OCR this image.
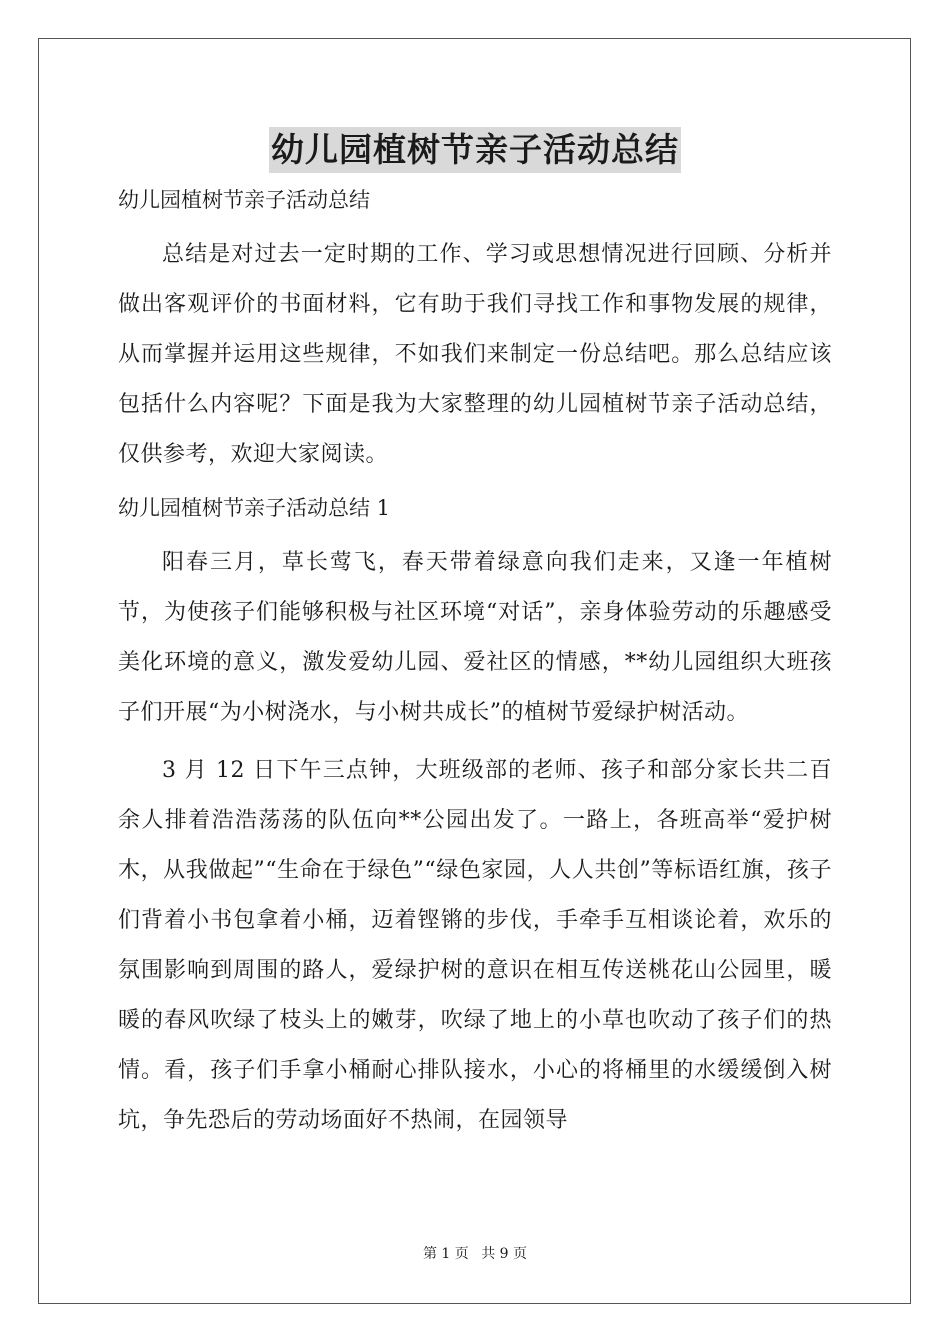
幼儿园植树节亲子活动总结

幼儿园植树节亲子活动总结

总结是对过去一定时期的工作、学习或思想情况进行回顾、分析并做出客观评价的书面材料，它有助于我们寻找工作和事物发展的规律，从而掌握并运用这些规律，不如我们来制定一份总结吧。那么总结应该包括什么内容呢？下面是我为大家整理的幼儿园植树节亲子活动总结，仅供参考，欢迎大家阅读。

幼儿园植树节亲子活动总结 1

阳春三月，草长莺飞，春天带着绿意向我们走来，又逢一年植树节，为使孩子们能够积极与社区环境“对话”，亲身体验劳动的乐趣感受美化环境的意义，激发爱幼儿园、爱社区的情感，**幼儿园组织大班孩子们开展“为小树浇水，与小树共成长”的植树节爱绿护树活动。

3 月 12 日下午三点钟，大班级部的老师、孩子和部分家长共二百余人排着浩浩荡荡的队伍向**公园出发了。一路上，各班高举“爱护树木，从我做起”“生命在于绿色”“绿色家园，人人共创”等标语红旗，孩子们背着小书包拿着小桶，迈着铿锵的步伐，手牵手互相谈论着，欢乐的氛围影响到周围的路人，爱绿护树的意识在相互传送桃花山公园里，暖暖的春风吹绿了枝头上的嫩芽，吹绿了地上的小草也吹动了孩子们的热情。看，孩子们手拿小桶耐心排队接水，小心的将桶里的水缓缓倒入树坑，争先恐后的劳动场面好不热闹，在园领导

第 1 页 共 9 页
